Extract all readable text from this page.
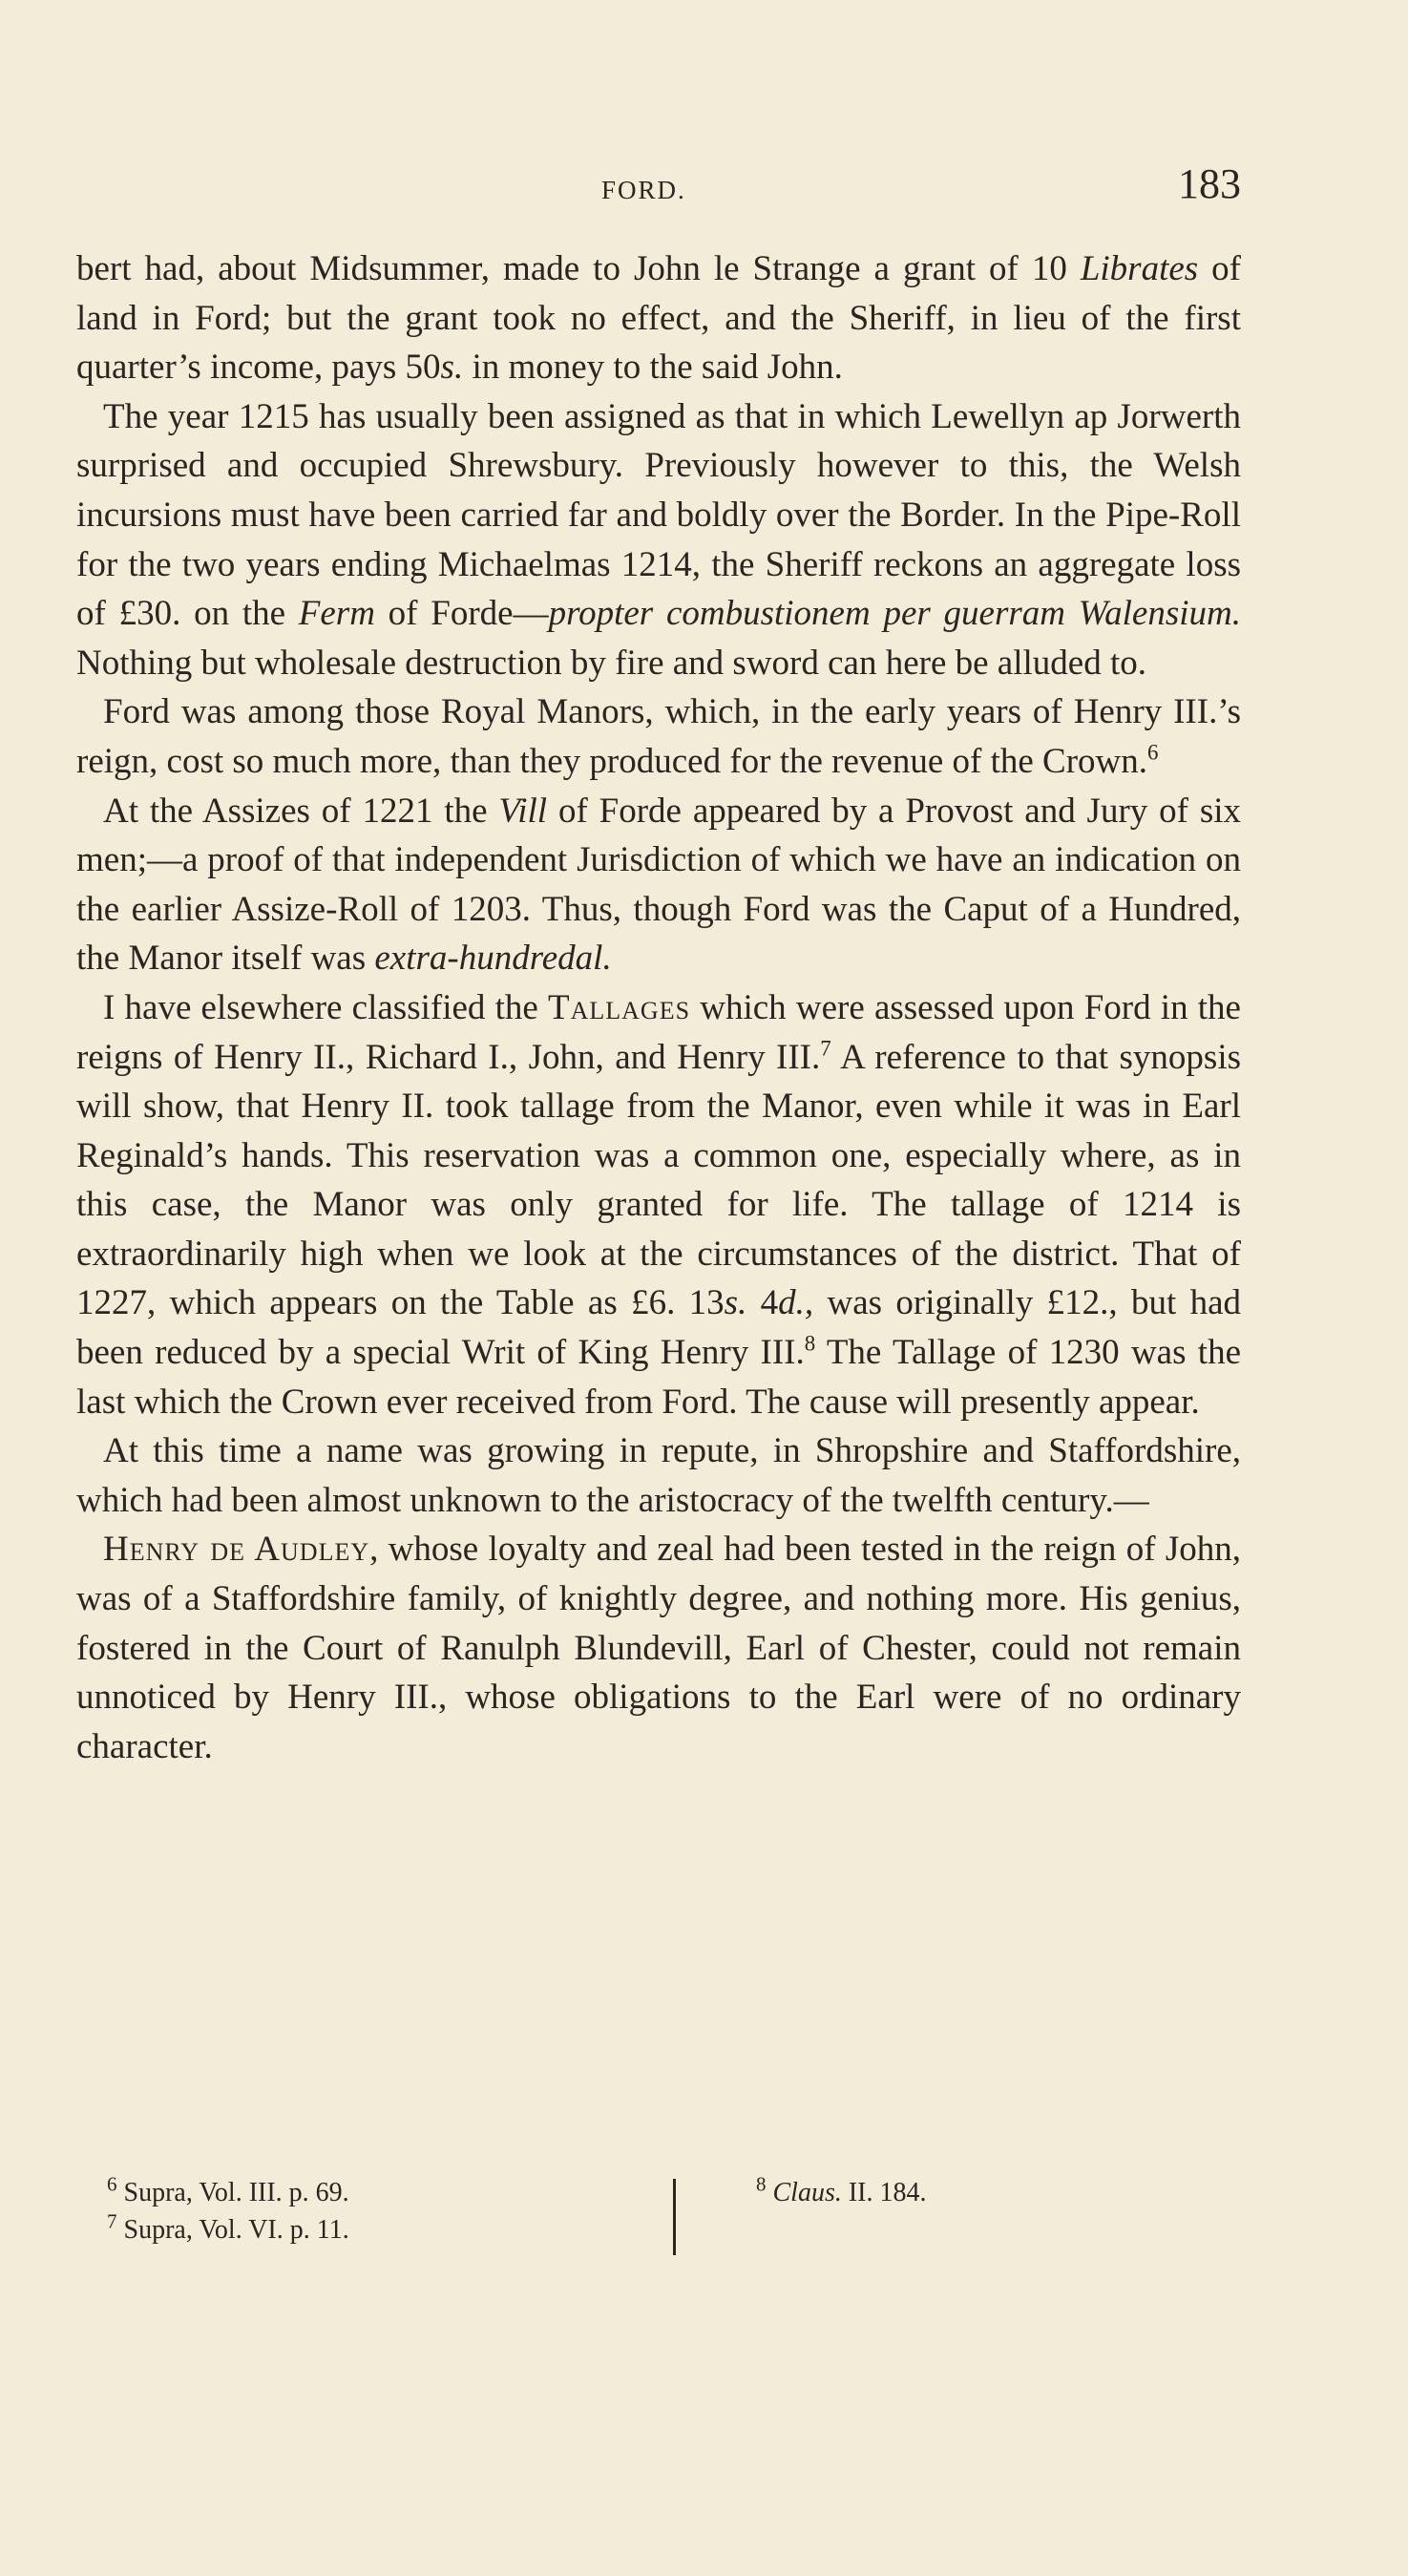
FORD.	183

bert had, about Midsummer, made to John le Strange a grant of 10 Librates of land in Ford; but the grant took no effect, and the Sheriff, in lieu of the first quarter’s income, pays 50s. in money to the said John.

The year 1215 has usually been assigned as that in which Lewellyn ap Jorwerth surprised and occupied Shrewsbury. Previously however to this, the Welsh incursions must have been carried far and boldly over the Border. In the Pipe-Roll for the two years ending Michaelmas 1214, the Sheriff reckons an aggregate loss of £30. on the Ferm of Forde—propter combustionem per guerram Walensium. Nothing but wholesale destruction by fire and sword can here be alluded to.

Ford was among those Royal Manors, which, in the early years of Henry III.’s reign, cost so much more, than they produced for the revenue of the Crown.$^6$

At the Assizes of 1221 the Vill of Forde appeared by a Provost and Jury of six men;—a proof of that independent Jurisdiction of which we have an indication on the earlier Assize-Roll of 1203. Thus, though Ford was the Caput of a Hundred, the Manor itself was extra-hundredal.

I have elsewhere classified the Tallages which were assessed upon Ford in the reigns of Henry II., Richard I., John, and Henry III.$^7$ A reference to that synopsis will show, that Henry II. took tallage from the Manor, even while it was in Earl Reginald’s hands. This reservation was a common one, especially where, as in this case, the Manor was only granted for life. The tallage of 1214 is extraordinarily high when we look at the circumstances of the district. That of 1227, which appears on the Table as £6. 13s. 4d., was originally £12., but had been reduced by a special Writ of King Henry III.$^8$ The Tallage of 1230 was the last which the Crown ever received from Ford. The cause will presently appear.

At this time a name was growing in repute, in Shropshire and Staffordshire, which had been almost unknown to the aristocracy of the twelfth century.—

Henry de Audley, whose loyalty and zeal had been tested in the reign of John, was of a Staffordshire family, of knightly degree, and nothing more. His genius, fostered in the Court of Ranulph Blundevill, Earl of Chester, could not remain unnoticed by Henry III., whose obligations to the Earl were of no ordinary character.

$^6$ Supra, Vol. III. p. 69.

$^7$ Supra, Vol. VI. p. 11.

$^8$ Claus. II. 184.
